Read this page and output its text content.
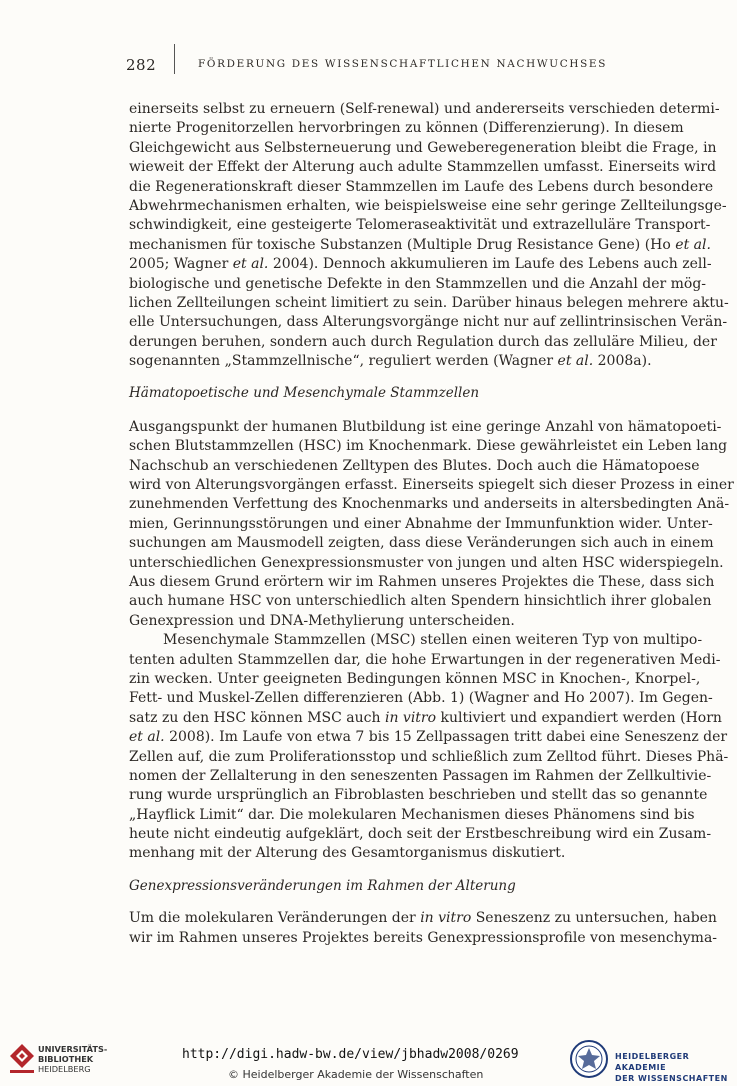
282	FÖRDERUNG DES WISSENSCHAFTLICHEN NACHWUCHSES
einerseits selbst zu erneuern (Self-renewal) und andererseits verschieden determi-
nierte Progenitorzellen hervorbringen zu können (Differenzierung). In diesem
Gleichgewicht aus Selbsterneuerung und Geweberegeneration bleibt die Frage, in
wieweit der Effekt der Alterung auch adulte Stammzellen umfasst. Einerseits wird
die Regenerationskraft dieser Stammzellen im Laufe des Lebens durch besondere
Abwehrmechanismen erhalten, wie beispielsweise eine sehr geringe Zellteilungsge-
schwindigkeit, eine gesteigerte Telomeraseaktivität und extrazelluläre Transport-
mechanismen für toxische Substanzen (Multiple Drug Resistance Gene) (Ho et al.
2005; Wagner et al. 2004). Dennoch akkumulieren im Laufe des Lebens auch zell-
biologische und genetische Defekte in den Stammzellen und die Anzahl der mög-
lichen Zellteilungen scheint limitiert zu sein. Darüber hinaus belegen mehrere aktu-
elle Untersuchungen, dass Alterungsvorgänge nicht nur auf zellintrinsischen Verän-
derungen beruhen, sondern auch durch Regulation durch das zelluläre Milieu, der
sogenannten „Stammzellnische“, reguliert werden (Wagner et al. 2008a).
Hämatopoetische und Mesenchymale Stammzellen
Ausgangspunkt der humanen Blutbildung ist eine geringe Anzahl von hämatopoeti-
schen Blutstammzellen (HSC) im Knochenmark. Diese gewährleistet ein Leben lang
Nachschub an verschiedenen Zelltypen des Blutes. Doch auch die Hämatopoese
wird von Alterungsvorgängen erfasst. Einerseits spiegelt sich dieser Prozess in einer
zunehmenden Verfettung des Knochenmarks und anderseits in altersbedingten Anä-
mien, Gerinnungsstörungen und einer Abnahme der Immunfunktion wider. Unter-
suchungen am Mausmodell zeigten, dass diese Veränderungen sich auch in einem
unterschiedlichen Genexpressionsmuster von jungen und alten HSC widerspiegeln.
Aus diesem Grund erörtern wir im Rahmen unseres Projektes die These, dass sich
auch humane HSC von unterschiedlich alten Spendern hinsichtlich ihrer globalen
Genexpression und DNA-Methylierung unterscheiden.
Mesenchymale Stammzellen (MSC) stellen einen weiteren Typ von multipo-
tenten adulten Stammzellen dar, die hohe Erwartungen in der regenerativen Medi-
zin wecken. Unter geeigneten Bedingungen können MSC in Knochen-, Knorpel-,
Fett- und Muskel-Zellen differenzieren (Abb. 1) (Wagner and Ho 2007). Im Gegen-
satz zu den HSC können MSC auch in vitro kultiviert und expandiert werden (Horn
et al. 2008). Im Laufe von etwa 7 bis 15 Zellpassagen tritt dabei eine Seneszenz der
Zellen auf, die zum Proliferationsstop und schließlich zum Zelltod führt. Dieses Phä-
nomen der Zellalterung in den seneszenten Passagen im Rahmen der Zellkultivie-
rung wurde ursprünglich an Fibroblasten beschrieben und stellt das so genannte
„Hayflick Limit“ dar. Die molekularen Mechanismen dieses Phänomens sind bis
heute nicht eindeutig aufgeklärt, doch seit der Erstbeschreibung wird ein Zusam-
menhang mit der Alterung des Gesamtorganismus diskutiert.
Genexpressionsveränderungen im Rahmen der Alterung
Um die molekularen Veränderungen der in vitro Seneszenz zu untersuchen, haben
wir im Rahmen unseres Projektes bereits Genexpressionsprofile von mesenchyma-
UNIVERSITÄTS-
BIBLIOTHEK
HEIDELBERG
http://digi.hadw-bw.de/view/jbhadw2008/0269
© Heidelberger Akademie der Wissenschaften
HEIDELBERGER AKADEMIE
DER WISSENSCHAFTEN
